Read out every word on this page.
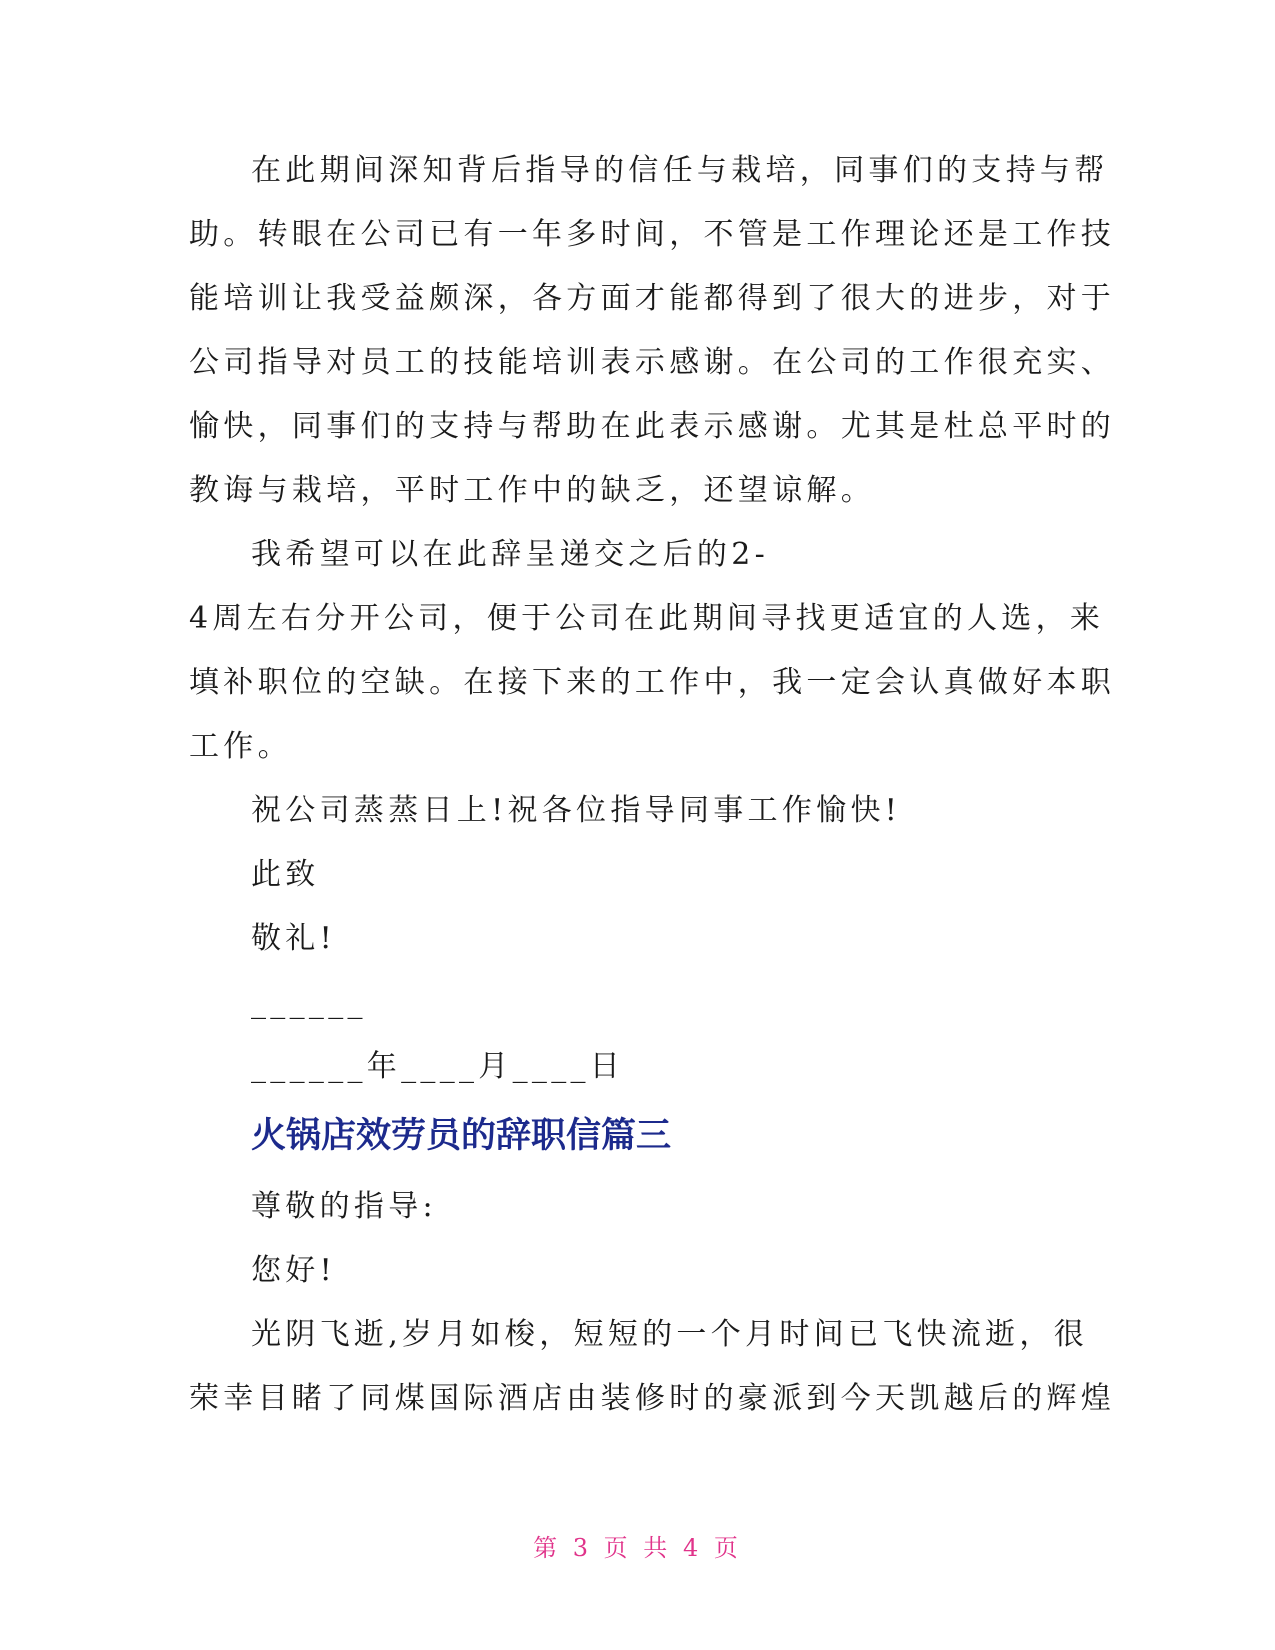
在此期间深知背后指导的信任与栽培，同事们的支持与帮
助。转眼在公司已有一年多时间，不管是工作理论还是工作技
能培训让我受益颇深，各方面才能都得到了很大的进步，对于
公司指导对员工的技能培训表示感谢。在公司的工作很充实、
愉快，同事们的支持与帮助在此表示感谢。尤其是杜总平时的
教诲与栽培，平时工作中的缺乏，还望谅解。
我希望可以在此辞呈递交之后的2-
4周左右分开公司，便于公司在此期间寻找更适宜的人选，来
填补职位的空缺。在接下来的工作中，我一定会认真做好本职
工作。
祝公司蒸蒸日上!祝各位指导同事工作愉快!
此致
敬礼!
______
______年____月____日
火锅店效劳员的辞职信篇三
尊敬的指导:
您好!
光阴飞逝,岁月如梭，短短的一个月时间已飞快流逝，很
荣幸目睹了同煤国际酒店由装修时的豪派到今天凯越后的辉煌
第 3 页 共 4 页
